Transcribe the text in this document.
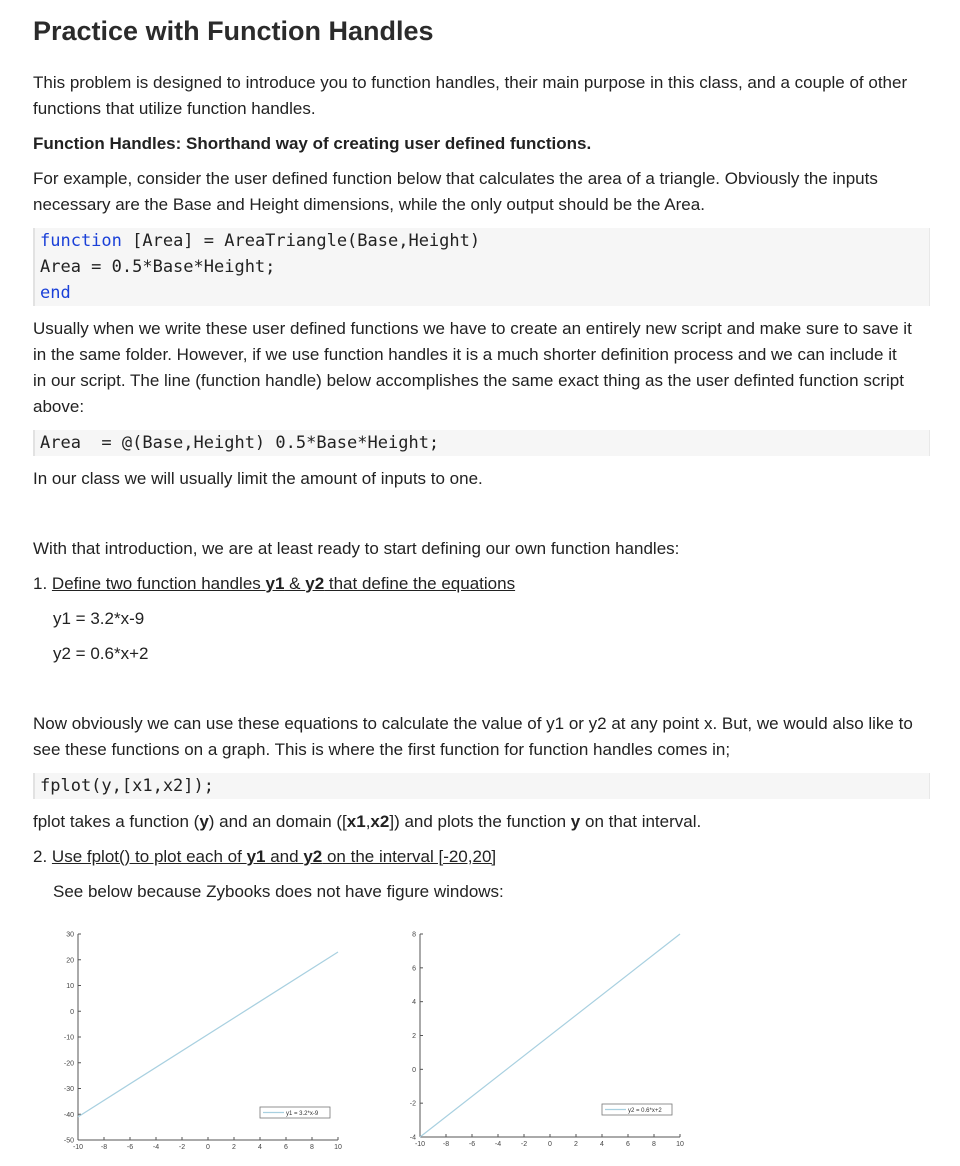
Practice with Function Handles

This problem is designed to introduce you to function handles, their main purpose in this class, and a couple of other functions that utilize function handles.

Function Handles: Shorthand way of creating user defined functions.

For example, consider the user defined function below that calculates the area of a triangle. Obviously the inputs necessary are the Base and Height dimensions, while the only output should be the Area.

function [Area] = AreaTriangle(Base,Height)
Area = 0.5*Base*Height;
end

Usually when we write these user defined functions we have to create an entirely new script and make sure to save it in the same folder. However, if we use function handles it is a much shorter definition process and we can include it in our script. The line (function handle) below accomplishes the same exact thing as the user definted function script above:

Area  = @(Base,Height) 0.5*Base*Height;

In our class we will usually limit the amount of inputs to one.

With that introduction, we are at least ready to start defining our own function handles:

1. Define two function handles y1 & y2 that define the equations

y1 = 3.2*x-9

y2 = 0.6*x+2

Now obviously we can use these equations to calculate the value of y1 or y2 at any point x. But, we would also like to see these functions on a graph. This is where the first function for function handles comes in;

fplot(y,[x1,x2]);

fplot takes a function (y) and an domain ([x1,x2]) and plots the function y on that interval.

2. Use fplot() to plot each of y1 and y2 on the interval [-20,20]

See below because Zybooks does not have figure windows:

-50
-40
-30
-20
-10
0
10
20
30
-10	-8	-6	-4	-2	0	2	4	6	8	10
y1 = 3.2*x-9
-4
-2
0
2
4
6
8
-10	-8	-6	-4	-2	0	2	4	6	8	10
y2 = 0.6*x+2
